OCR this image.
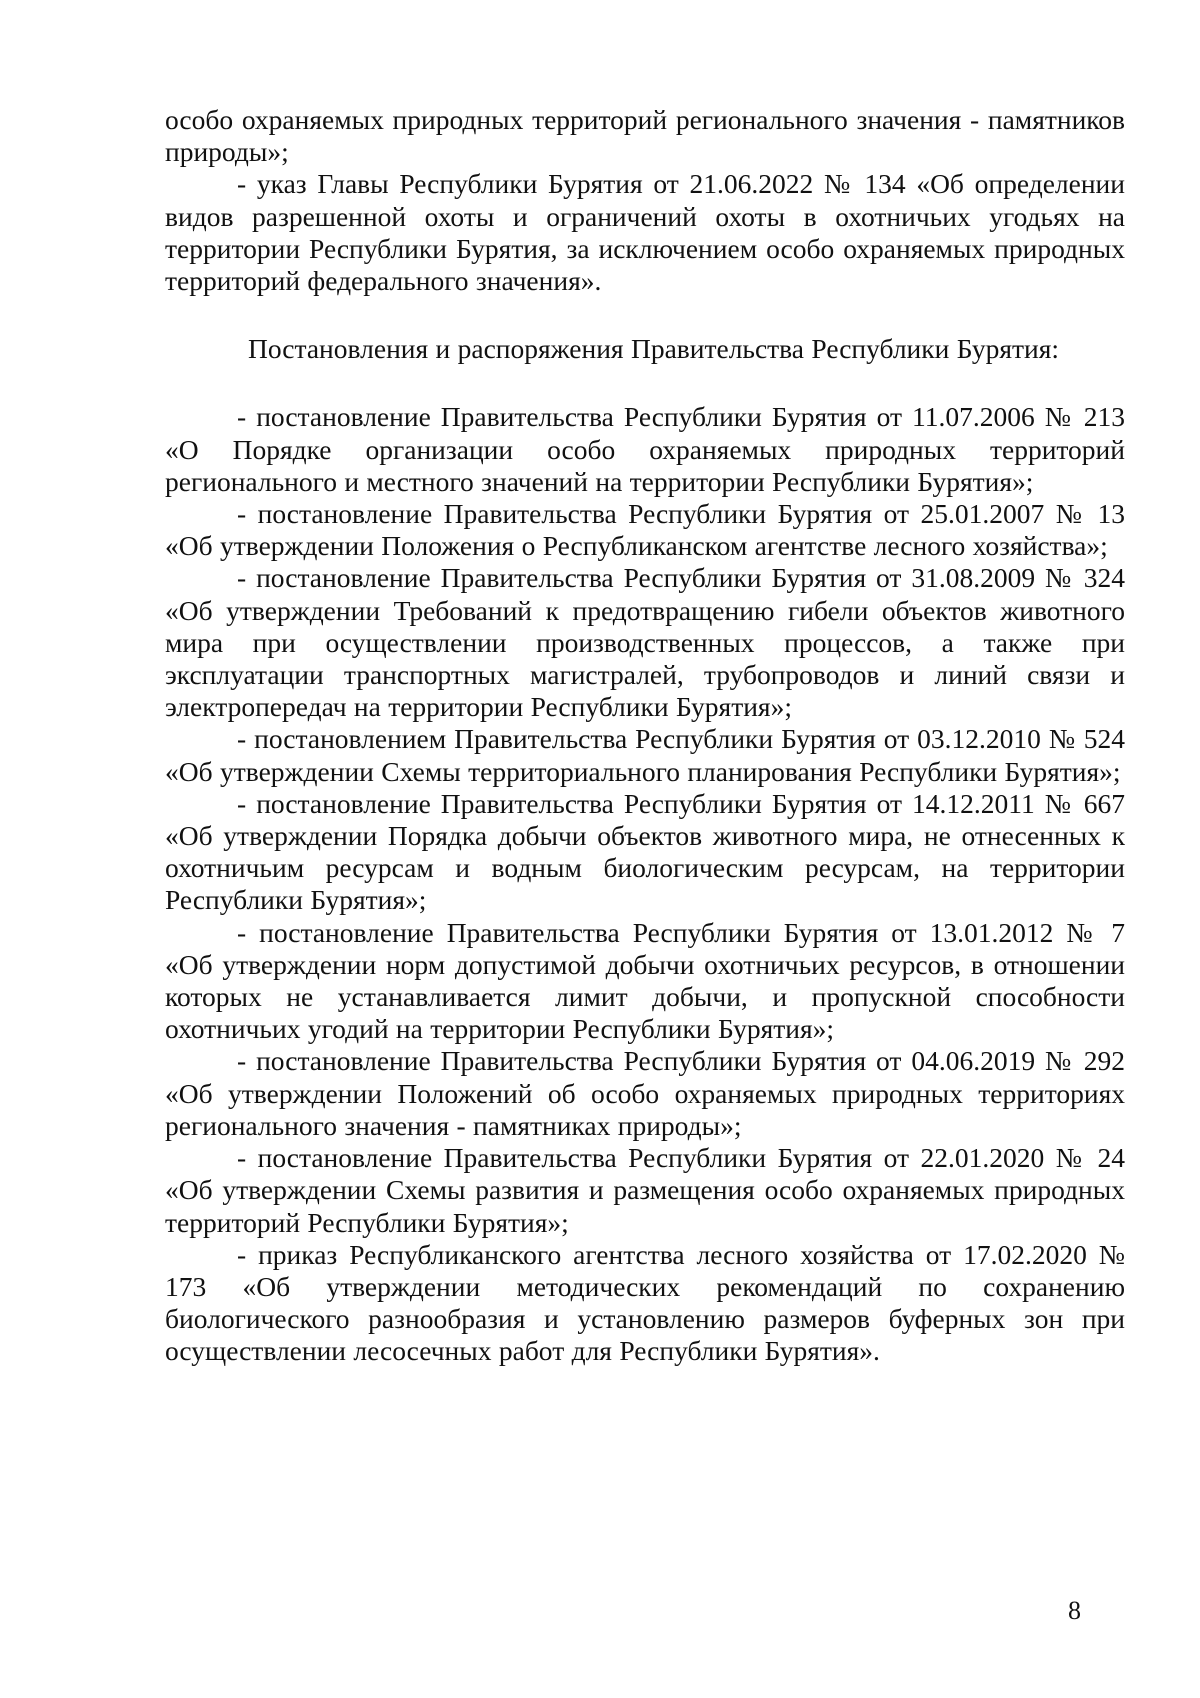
особо охраняемых природных территорий регионального значения - памятников природы»;

- указ Главы Республики Бурятия от 21.06.2022 № 134 «Об определении видов разрешенной охоты и ограничений охоты в охотничьих угодьях на территории Республики Бурятия, за исключением особо охраняемых природных территорий федерального значения».

Постановления и распоряжения Правительства Республики Бурятия:

- постановление Правительства Республики Бурятия от 11.07.2006 № 213 «О Порядке организации особо охраняемых природных территорий регионального и местного значений на территории Республики Бурятия»;

- постановление Правительства Республики Бурятия от 25.01.2007 № 13 «Об утверждении Положения о Республиканском агентстве лесного хозяйства»;

- постановление Правительства Республики Бурятия от 31.08.2009 № 324 «Об утверждении Требований к предотвращению гибели объектов животного мира при осуществлении производственных процессов, а также при эксплуатации транспортных магистралей, трубопроводов и линий связи и электропередач на территории Республики Бурятия»;

- постановлением Правительства Республики Бурятия от 03.12.2010 № 524 «Об утверждении Схемы территориального планирования Республики Бурятия»;

- постановление Правительства Республики Бурятия от 14.12.2011 № 667 «Об утверждении Порядка добычи объектов животного мира, не отнесенных к охотничьим ресурсам и водным биологическим ресурсам, на территории Республики Бурятия»;

- постановление Правительства Республики Бурятия от 13.01.2012 № 7 «Об утверждении норм допустимой добычи охотничьих ресурсов, в отношении которых не устанавливается лимит добычи, и пропускной способности охотничьих угодий на территории Республики Бурятия»;

- постановление Правительства Республики Бурятия от 04.06.2019 № 292 «Об утверждении Положений об особо охраняемых природных территориях регионального значения - памятниках природы»;

- постановление Правительства Республики Бурятия от 22.01.2020 № 24 «Об утверждении Схемы развития и размещения особо охраняемых природных территорий Республики Бурятия»;

- приказ Республиканского агентства лесного хозяйства от 17.02.2020 № 173 «Об утверждении методических рекомендаций по сохранению биологического разнообразия и установлению размеров буферных зон при осуществлении лесосечных работ для Республики Бурятия».

8
